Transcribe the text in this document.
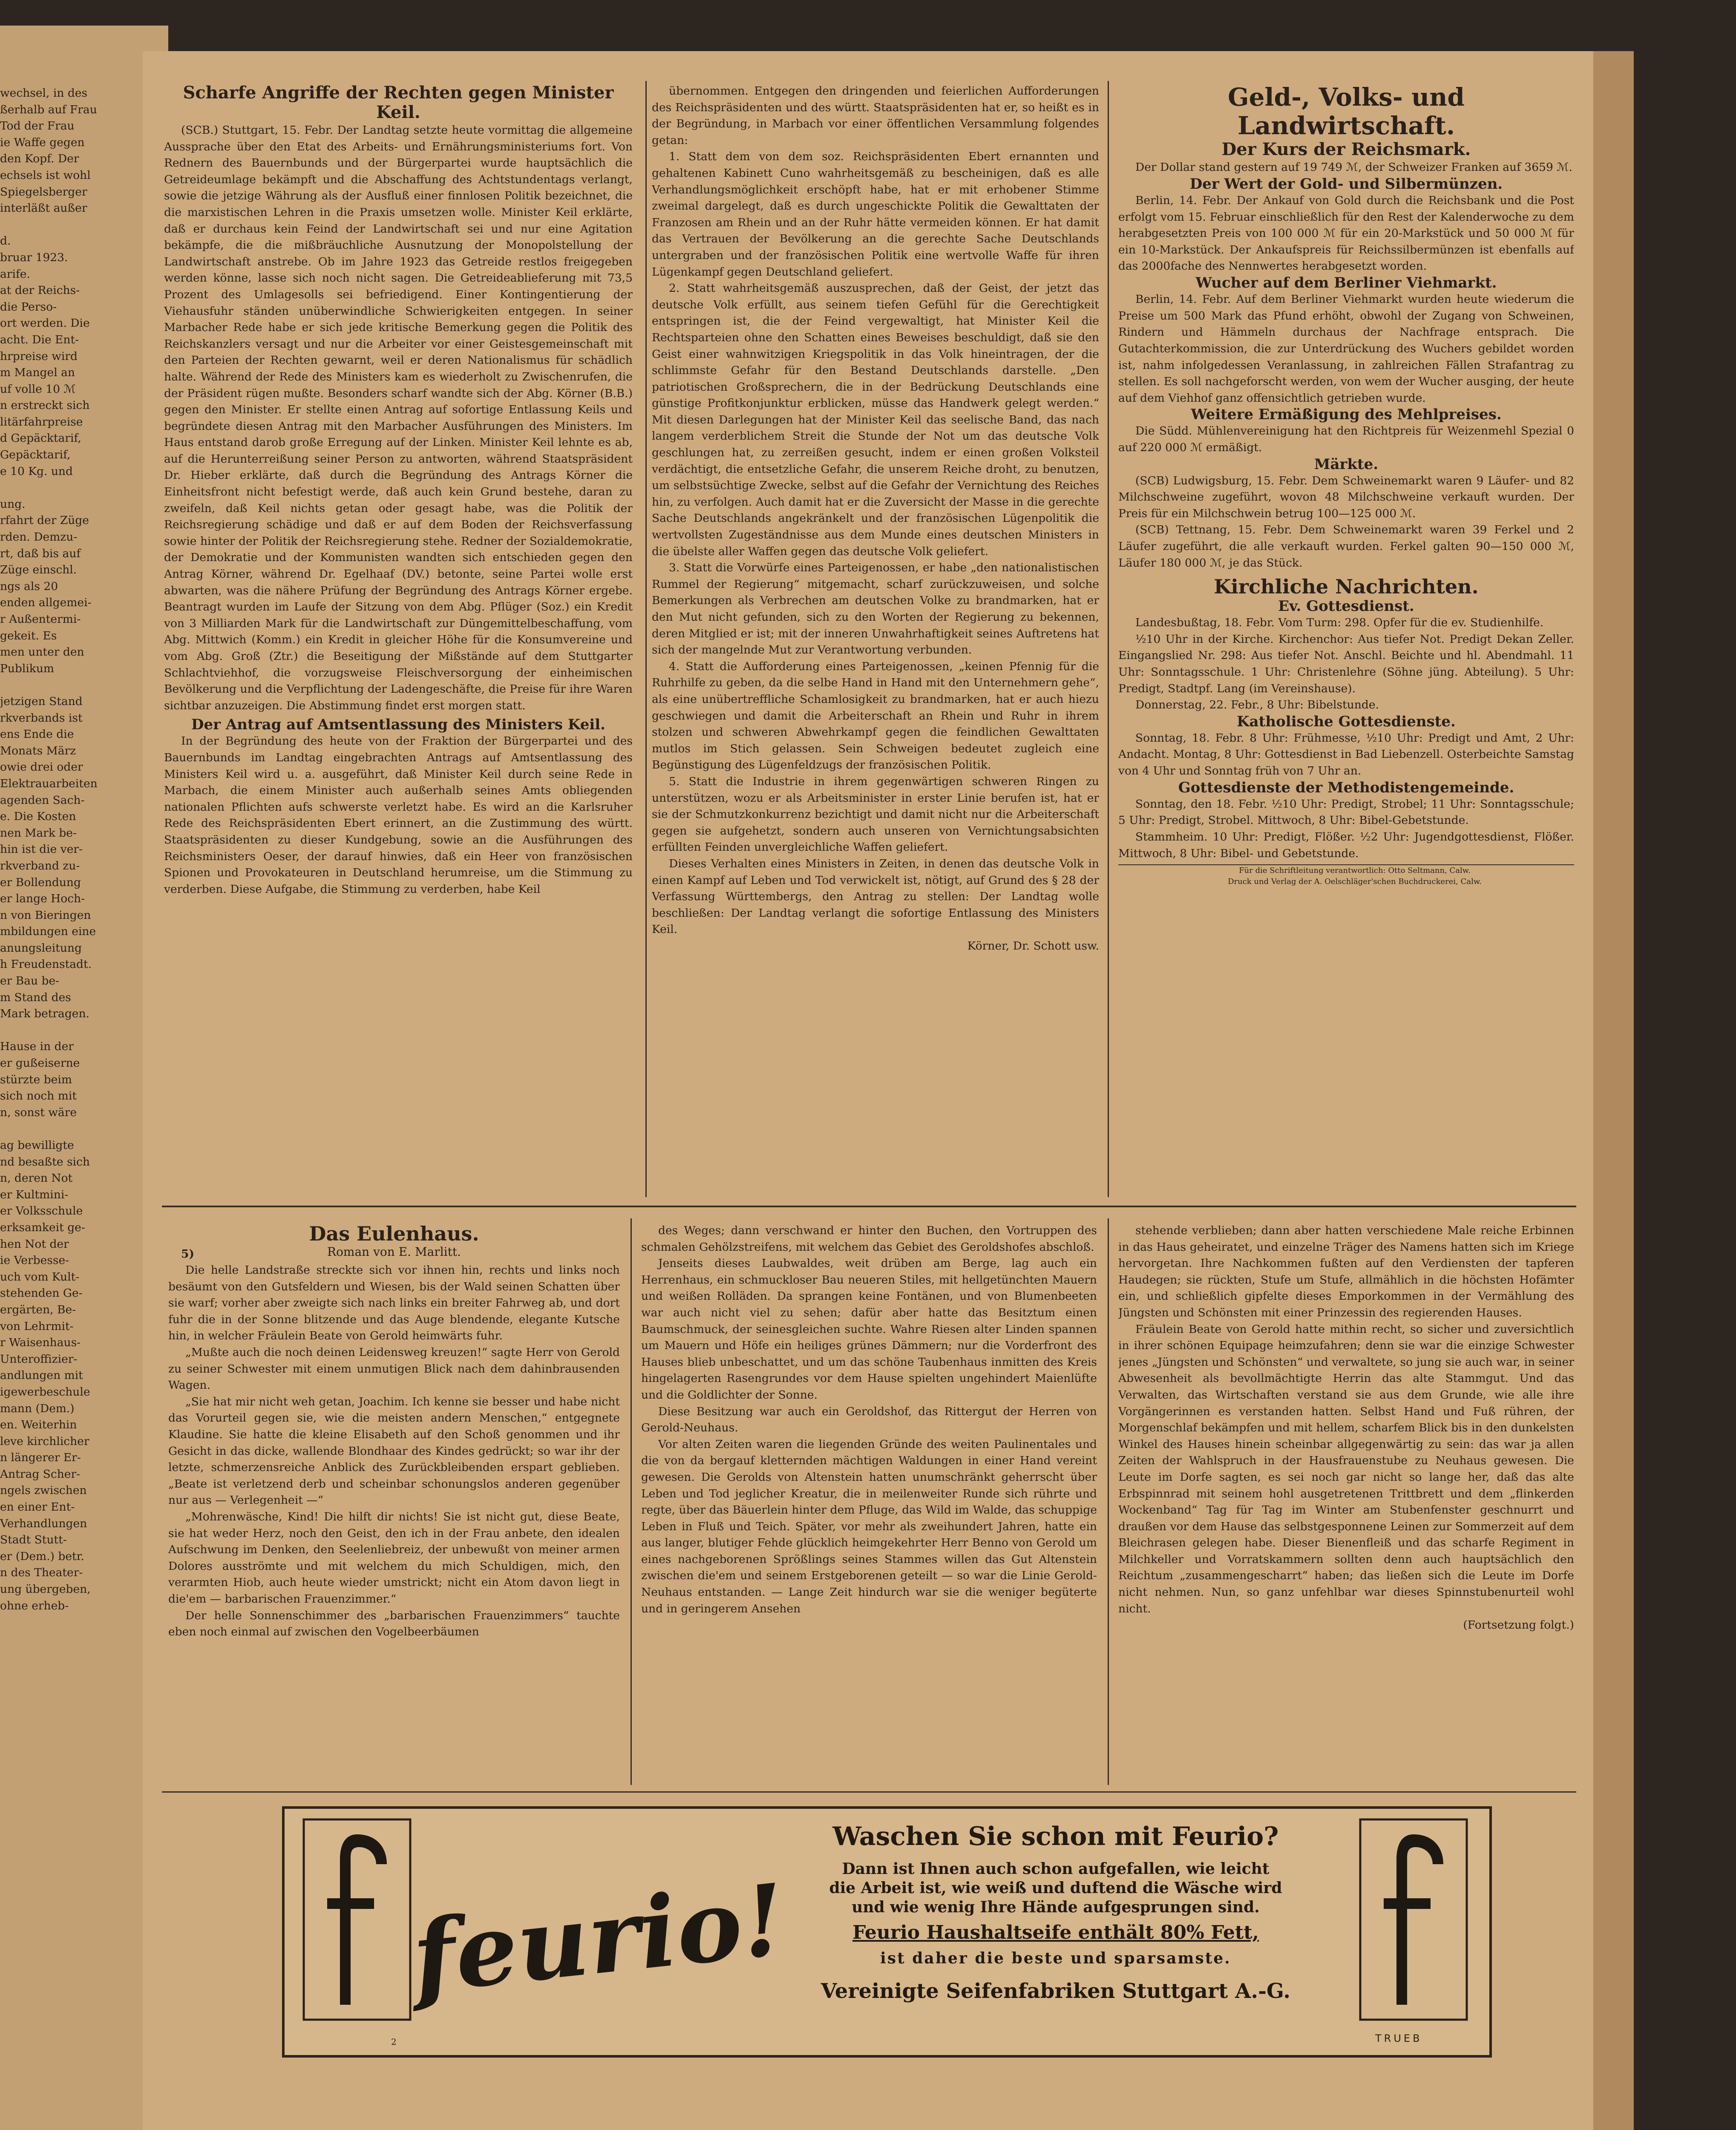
wechsel, in des
ßerhalb auf Frau
Tod der Frau
ie Waffe gegen
den Kopf. Der
echsels ist wohl
Spiegelsberger
interläßt außer

d.
bruar 1923.
arife.
at der Reichs-
die Perso-
ort werden. Die
acht. Die Ent-
hrpreise wird
m Mangel an
uf volle 10 ℳ
n erstreckt sich
litärfahrpreise
d Gepäcktarif,
Gepäcktarif,
e 10 Kg. und

ung.
rfahrt der Züge
rden. Demzu-
rt, daß bis auf
Züge einschl.
ngs als 20
enden allgemei-
r Außentermi-
gekeit. Es
men unter den
Publikum

jetzigen Stand
rkverbands ist
ens Ende die
Monats März
owie drei oder
Elektrauarbeiten
agenden Sach-
e. Die Kosten
nen Mark be-
hin ist die ver-
rkverband zu-
er Bollendung
er lange Hoch-
n von Bieringen
mbildungen eine
anungsleitung
h Freudenstadt.
er Bau be-
m Stand des
Mark betragen.

Hause in der
er gußeiserne
stürzte beim
sich noch mit
n, sonst wäre

ag bewilligte
nd besaßte sich
n, deren Not
er Kultmini-
er Volksschule
erksamkeit ge-
hen Not der
ie Verbesse-
uch vom Kult-
stehenden Ge-
ergärten, Be-
von Lehrmit-
r Waisenhaus-
Unteroffizier-
andlungen mit
igewerbeschule
mann (Dem.)
en. Weiterhin
leve kirchlicher
n längerer Er-
Antrag Scher-
ngels zwischen
en einer Ent-
Verhandlungen
Stadt Stutt-
er (Dem.) betr.
n des Theater-
ung übergeben,
ohne erheb-
Scharfe Angriffe der Rechten gegen Minister Keil.

(SCB.) Stuttgart, 15. Febr. Der Landtag setzte heute vormittag die allgemeine Aussprache über den Etat des Arbeits- und Ernährungsministeriums fort. Von Rednern des Bauernbunds und der Bürgerpartei wurde hauptsächlich die Getreideumlage bekämpft und die Abschaffung des Achtstundentags verlangt, sowie die jetzige Währung als der Ausfluß einer finnlosen Politik bezeichnet, die die marxistischen Lehren in die Praxis umsetzen wolle. Minister Keil erklärte, daß er durchaus kein Feind der Landwirtschaft sei und nur eine Agitation bekämpfe, die die mißbräuchliche Ausnutzung der Monopolstellung der Landwirtschaft anstrebe. Ob im Jahre 1923 das Getreide restlos freigegeben werden könne, lasse sich noch nicht sagen. Die Getreideablieferung mit 73,5 Prozent des Umlagesolls sei befriedigend. Einer Kontingentierung der Viehausfuhr ständen unüberwindliche Schwierigkeiten entgegen. In seiner Marbacher Rede habe er sich jede kritische Bemerkung gegen die Politik des Reichskanzlers versagt und nur die Arbeiter vor einer Geistesgemeinschaft mit den Parteien der Rechten gewarnt, weil er deren Nationalismus für schädlich halte. Während der Rede des Ministers kam es wiederholt zu Zwischenrufen, die der Präsident rügen mußte. Besonders scharf wandte sich der Abg. Körner (B.B.) gegen den Minister. Er stellte einen Antrag auf sofortige Entlassung Keils und begründete diesen Antrag mit den Marbacher Ausführungen des Ministers. Im Haus entstand darob große Erregung auf der Linken. Minister Keil lehnte es ab, auf die Herunterreißung seiner Person zu antworten, während Staatspräsident Dr. Hieber erklärte, daß durch die Begründung des Antrags Körner die Einheitsfront nicht befestigt werde, daß auch kein Grund bestehe, daran zu zweifeln, daß Keil nichts getan oder gesagt habe, was die Politik der Reichsregierung schädige und daß er auf dem Boden der Reichsverfassung sowie hinter der Politik der Reichsregierung stehe. Redner der Sozialdemokratie, der Demokratie und der Kommunisten wandten sich entschieden gegen den Antrag Körner, während Dr. Egelhaaf (DV.) betonte, seine Partei wolle erst abwarten, was die nähere Prüfung der Begründung des Antrags Körner ergebe. Beantragt wurden im Laufe der Sitzung von dem Abg. Pflüger (Soz.) ein Kredit von 3 Milliarden Mark für die Landwirtschaft zur Düngemittelbeschaffung, vom Abg. Mittwich (Komm.) ein Kredit in gleicher Höhe für die Konsumvereine und vom Abg. Groß (Ztr.) die Beseitigung der Mißstände auf dem Stuttgarter Schlachtviehhof, die vorzugsweise Fleischversorgung der einheimischen Bevölkerung und die Verpflichtung der Ladengeschäfte, die Preise für ihre Waren sichtbar anzuzeigen. Die Abstimmung findet erst morgen statt.

Der Antrag auf Amtsentlassung des Ministers Keil.

In der Begründung des heute von der Fraktion der Bürgerpartei und des Bauernbunds im Landtag eingebrachten Antrags auf Amtsentlassung des Ministers Keil wird u. a. ausgeführt, daß Minister Keil durch seine Rede in Marbach, die einem Minister auch außerhalb seines Amts obliegenden nationalen Pflichten aufs schwerste verletzt habe. Es wird an die Karlsruher Rede des Reichspräsidenten Ebert erinnert, an die Zustimmung des württ. Staatspräsidenten zu dieser Kundgebung, sowie an die Ausführungen des Reichsministers Oeser, der darauf hinwies, daß ein Heer von französischen Spionen und Provokateuren in Deutschland herumreise, um die Stimmung zu verderben. Diese Aufgabe, die Stimmung zu verderben, habe Keil

übernommen. Entgegen den dringenden und feierlichen Aufforderungen des Reichspräsidenten und des württ. Staatspräsidenten hat er, so heißt es in der Begründung, in Marbach vor einer öffentlichen Versammlung folgendes getan:

1. Statt dem von dem soz. Reichspräsidenten Ebert ernannten und gehaltenen Kabinett Cuno wahrheitsgemäß zu bescheinigen, daß es alle Verhandlungsmöglichkeit erschöpft habe, hat er mit erhobener Stimme zweimal dargelegt, daß es durch ungeschickte Politik die Gewalttaten der Franzosen am Rhein und an der Ruhr hätte vermeiden können. Er hat damit das Vertrauen der Bevölkerung an die gerechte Sache Deutschlands untergraben und der französischen Politik eine wertvolle Waffe für ihren Lügenkampf gegen Deutschland geliefert.

2. Statt wahrheitsgemäß auszusprechen, daß der Geist, der jetzt das deutsche Volk erfüllt, aus seinem tiefen Gefühl für die Gerechtigkeit entspringen ist, die der Feind vergewaltigt, hat Minister Keil die Rechtsparteien ohne den Schatten eines Beweises beschuldigt, daß sie den Geist einer wahnwitzigen Kriegspolitik in das Volk hineintragen, der die schlimmste Gefahr für den Bestand Deutschlands darstelle. „Den patriotischen Großsprechern, die in der Bedrückung Deutschlands eine günstige Profitkonjunktur erblicken, müsse das Handwerk gelegt werden.“ Mit diesen Darlegungen hat der Minister Keil das seelische Band, das nach langem verderblichem Streit die Stunde der Not um das deutsche Volk geschlungen hat, zu zerreißen gesucht, indem er einen großen Volksteil verdächtigt, die entsetzliche Gefahr, die unserem Reiche droht, zu benutzen, um selbstsüchtige Zwecke, selbst auf die Gefahr der Vernichtung des Reiches hin, zu verfolgen. Auch damit hat er die Zuversicht der Masse in die gerechte Sache Deutschlands angekränkelt und der französischen Lügenpolitik die wertvollsten Zugeständnisse aus dem Munde eines deutschen Ministers in die übelste aller Waffen gegen das deutsche Volk geliefert.

3. Statt die Vorwürfe eines Parteigenossen, er habe „den nationalistischen Rummel der Regierung“ mitgemacht, scharf zurückzuweisen, und solche Bemerkungen als Verbrechen am deutschen Volke zu brandmarken, hat er den Mut nicht gefunden, sich zu den Worten der Regierung zu bekennen, deren Mitglied er ist; mit der inneren Unwahrhaftigkeit seines Auftretens hat sich der mangelnde Mut zur Verantwortung verbunden.

4. Statt die Aufforderung eines Parteigenossen, „keinen Pfennig für die Ruhrhilfe zu geben, da die selbe Hand in Hand mit den Unternehmern gehe“, als eine unübertreffliche Schamlosigkeit zu brandmarken, hat er auch hiezu geschwiegen und damit die Arbeiterschaft an Rhein und Ruhr in ihrem stolzen und schweren Abwehrkampf gegen die feindlichen Gewalttaten mutlos im Stich gelassen. Sein Schweigen bedeutet zugleich eine Begünstigung des Lügenfeldzugs der französischen Politik.

5. Statt die Industrie in ihrem gegenwärtigen schweren Ringen zu unterstützen, wozu er als Arbeitsminister in erster Linie berufen ist, hat er sie der Schmutzkonkurrenz bezichtigt und damit nicht nur die Arbeiterschaft gegen sie aufgehetzt, sondern auch unseren von Vernichtungsabsichten erfüllten Feinden unvergleichliche Waffen geliefert.

Dieses Verhalten eines Ministers in Zeiten, in denen das deutsche Volk in einen Kampf auf Leben und Tod verwickelt ist, nötigt, auf Grund des § 28 der Verfassung Württembergs, den Antrag zu stellen: Der Landtag wolle beschließen: Der Landtag verlangt die sofortige Entlassung des Ministers Keil.

Körner, Dr. Schott usw.

Geld-, Volks- und Landwirtschaft.
Der Kurs der Reichsmark.

Der Dollar stand gestern auf 19 749 ℳ, der Schweizer Franken auf 3659 ℳ.

Der Wert der Gold- und Silbermünzen.

Berlin, 14. Febr. Der Ankauf von Gold durch die Reichsbank und die Post erfolgt vom 15. Februar einschließlich für den Rest der Kalenderwoche zu dem herabgesetzten Preis von 100 000 ℳ für ein 20-Markstück und 50 000 ℳ für ein 10-Markstück. Der Ankaufspreis für Reichssilbermünzen ist ebenfalls auf das 2000fache des Nennwertes herabgesetzt worden.

Wucher auf dem Berliner Viehmarkt.

Berlin, 14. Febr. Auf dem Berliner Viehmarkt wurden heute wiederum die Preise um 500 Mark das Pfund erhöht, obwohl der Zugang von Schweinen, Rindern und Hämmeln durchaus der Nachfrage entsprach. Die Gutachterkommission, die zur Unterdrückung des Wuchers gebildet worden ist, nahm infolgedessen Veranlassung, in zahlreichen Fällen Strafantrag zu stellen. Es soll nachgeforscht werden, von wem der Wucher ausging, der heute auf dem Viehhof ganz offensichtlich getrieben wurde.

Weitere Ermäßigung des Mehlpreises.

Die Südd. Mühlenvereinigung hat den Richtpreis für Weizenmehl Spezial 0 auf 220 000 ℳ ermäßigt.

Märkte.

(SCB) Ludwigsburg, 15. Febr. Dem Schweinemarkt waren 9 Läufer- und 82 Milchschweine zugeführt, wovon 48 Milchschweine verkauft wurden. Der Preis für ein Milchschwein betrug 100—125 000 ℳ.

(SCB) Tettnang, 15. Febr. Dem Schweinemarkt waren 39 Ferkel und 2 Läufer zugeführt, die alle verkauft wurden. Ferkel galten 90—150 000 ℳ, Läufer 180 000 ℳ, je das Stück.

Kirchliche Nachrichten.
Ev. Gottesdienst.

Landesbußtag, 18. Febr. Vom Turm: 298. Opfer für die ev. Studienhilfe.

½10 Uhr in der Kirche. Kirchenchor: Aus tiefer Not. Predigt Dekan Zeller. Eingangslied Nr. 298: Aus tiefer Not. Anschl. Beichte und hl. Abendmahl. 11 Uhr: Sonntagsschule. 1 Uhr: Christenlehre (Söhne jüng. Abteilung). 5 Uhr: Predigt, Stadtpf. Lang (im Vereinshause).

Donnerstag, 22. Febr., 8 Uhr: Bibelstunde.

Katholische Gottesdienste.

Sonntag, 18. Febr. 8 Uhr: Frühmesse, ½10 Uhr: Predigt und Amt, 2 Uhr: Andacht. Montag, 8 Uhr: Gottesdienst in Bad Liebenzell. Osterbeichte Samstag von 4 Uhr und Sonntag früh von 7 Uhr an.

Gottesdienste der Methodistengemeinde.

Sonntag, den 18. Febr. ½10 Uhr: Predigt, Strobel; 11 Uhr: Sonntagsschule; 5 Uhr: Predigt, Strobel. Mittwoch, 8 Uhr: Bibel-Gebetstunde.

Stammheim. 10 Uhr: Predigt, Flößer. ½2 Uhr: Jugendgottesdienst, Flößer. Mittwoch, 8 Uhr: Bibel- und Gebetstunde.

Für die Schriftleitung verantwortlich: Otto Seltmann, Calw.

Druck und Verlag der A. Oelschläger'schen Buchdruckerei, Calw.

5)
Das Eulenhaus.
Roman von E. Marlitt.

Die helle Landstraße streckte sich vor ihnen hin, rechts und links noch besäumt von den Gutsfeldern und Wiesen, bis der Wald seinen Schatten über sie warf; vorher aber zweigte sich nach links ein breiter Fahrweg ab, und dort fuhr die in der Sonne blitzende und das Auge blendende, elegante Kutsche hin, in welcher Fräulein Beate von Gerold heimwärts fuhr.

„Mußte auch die noch deinen Leidensweg kreuzen!“ sagte Herr von Gerold zu seiner Schwester mit einem unmutigen Blick nach dem dahinbrausenden Wagen.

„Sie hat mir nicht weh getan, Joachim. Ich kenne sie besser und habe nicht das Vorurteil gegen sie, wie die meisten andern Menschen,“ entgegnete Klaudine. Sie hatte die kleine Elisabeth auf den Schoß genommen und ihr Gesicht in das dicke, wallende Blondhaar des Kindes gedrückt; so war ihr der letzte, schmerzensreiche Anblick des Zurückbleibenden erspart geblieben. „Beate ist verletzend derb und scheinbar schonungslos anderen gegenüber nur aus — Verlegenheit —“

„Mohrenwäsche, Kind! Die hilft dir nichts! Sie ist nicht gut, diese Beate, sie hat weder Herz, noch den Geist, den ich in der Frau anbete, den idealen Aufschwung im Denken, den Seelenliebreiz, der unbewußt von meiner armen Dolores ausströmte und mit welchem du mich Schuldigen, mich, den verarmten Hiob, auch heute wieder umstrickt; nicht ein Atom davon liegt in die'em — barbarischen Frauenzimmer.“

Der helle Sonnenschimmer des „barbarischen Frauenzimmers“ tauchte eben noch einmal auf zwischen den Vogelbeerbäumen

des Weges; dann verschwand er hinter den Buchen, den Vortruppen des schmalen Gehölzstreifens, mit welchem das Gebiet des Geroldshofes abschloß.

Jenseits dieses Laubwaldes, weit drüben am Berge, lag auch ein Herrenhaus, ein schmuckloser Bau neueren Stiles, mit hellgetünchten Mauern und weißen Rolläden. Da sprangen keine Fontänen, und von Blumenbeeten war auch nicht viel zu sehen; dafür aber hatte das Besitztum einen Baumschmuck, der seinesgleichen suchte. Wahre Riesen alter Linden spannen um Mauern und Höfe ein heiliges grünes Dämmern; nur die Vorderfront des Hauses blieb unbeschattet, und um das schöne Taubenhaus inmitten des Kreis hingelagerten Rasengrundes vor dem Hause spielten ungehindert Maienlüfte und die Goldlichter der Sonne.

Diese Besitzung war auch ein Geroldshof, das Rittergut der Herren von Gerold-Neuhaus.

Vor alten Zeiten waren die liegenden Gründe des weiten Paulinentales und die von da bergauf kletternden mächtigen Waldungen in einer Hand vereint gewesen. Die Gerolds von Altenstein hatten unumschränkt geherrscht über Leben und Tod jeglicher Kreatur, die in meilenweiter Runde sich rührte und regte, über das Bäuerlein hinter dem Pfluge, das Wild im Walde, das schuppige Leben in Fluß und Teich. Später, vor mehr als zweihundert Jahren, hatte ein aus langer, blutiger Fehde glücklich heimgekehrter Herr Benno von Gerold um eines nachgeborenen Sprößlings seines Stammes willen das Gut Altenstein zwischen die'em und seinem Erstgeborenen geteilt — so war die Linie Gerold-Neuhaus entstanden. — Lange Zeit hindurch war sie die weniger begüterte und in geringerem Ansehen

stehende verblieben; dann aber hatten verschiedene Male reiche Erbinnen in das Haus geheiratet, und einzelne Träger des Namens hatten sich im Kriege hervorgetan. Ihre Nachkommen fußten auf den Verdiensten der tapferen Haudegen; sie rückten, Stufe um Stufe, allmählich in die höchsten Hofämter ein, und schließlich gipfelte dieses Emporkommen in der Vermählung des Jüngsten und Schönsten mit einer Prinzessin des regierenden Hauses.

Fräulein Beate von Gerold hatte mithin recht, so sicher und zuversichtlich in ihrer schönen Equipage heimzufahren; denn sie war die einzige Schwester jenes „Jüngsten und Schönsten“ und verwaltete, so jung sie auch war, in seiner Abwesenheit als bevollmächtigte Herrin das alte Stammgut. Und das Verwalten, das Wirtschaften verstand sie aus dem Grunde, wie alle ihre Vorgängerinnen es verstanden hatten. Selbst Hand und Fuß rühren, der Morgenschlaf bekämpfen und mit hellem, scharfem Blick bis in den dunkelsten Winkel des Hauses hinein scheinbar allgegenwärtig zu sein: das war ja allen Zeiten der Wahlspruch in der Hausfrauenstube zu Neuhaus gewesen. Die Leute im Dorfe sagten, es sei noch gar nicht so lange her, daß das alte Erbspinnrad mit seinem hohl ausgetretenen Trittbrett und dem „flinkerden Wockenband“ Tag für Tag im Winter am Stubenfenster geschnurrt und draußen vor dem Hause das selbstgesponnene Leinen zur Sommerzeit auf dem Bleichrasen gelegen habe. Dieser Bienenfleiß und das scharfe Regiment in Milchkeller und Vorratskammern sollten denn auch hauptsächlich den Reichtum „zusammengescharrt“ haben; das ließen sich die Leute im Dorfe nicht nehmen. Nun, so ganz unfehlbar war dieses Spinnstubenurteil wohl nicht.

(Fortsetzung folgt.)

feurio!
Waschen Sie schon mit Feurio?
Dann ist Ihnen auch schon aufgefallen, wie leicht
die Arbeit ist, wie weiß und duftend die Wäsche wird
und wie wenig Ihre Hände aufgesprungen sind.
Feurio Haushaltseife enthält 80% Fett,
ist daher die beste und sparsamste.
Vereinigte Seifenfabriken Stuttgart A.-G.
TRUEB
2
